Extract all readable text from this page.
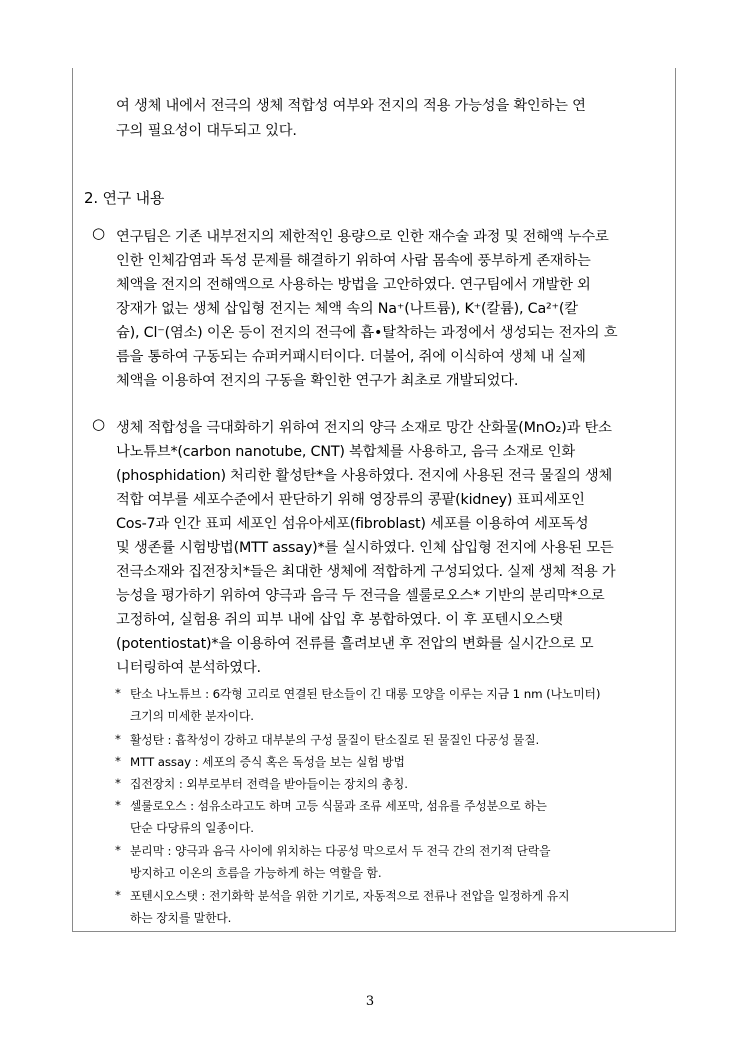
여 생체 내에서 전극의 생체 적합성 여부와 전지의 적용 가능성을 확인하는 연
구의 필요성이 대두되고 있다.
2. 연구 내용
○ 연구팀은 기존 내부전지의 제한적인 용량으로 인한 재수술 과정 및 전해액 누수로
인한 인체감염과 독성 문제를 해결하기 위하여 사람 몸속에 풍부하게 존재하는
체액을 전지의 전해액으로 사용하는 방법을 고안하였다. 연구팀에서 개발한 외
장재가 없는 생체 삽입형 전지는 체액 속의 Na⁺(나트륨), K⁺(칼륨), Ca²⁺(칼
슘), Cl⁻(염소) 이온 등이 전지의 전극에 흡•탈착하는 과정에서 생성되는 전자의 흐
름을 통하여 구동되는 슈퍼커패시터이다. 더불어, 쥐에 이식하여 생체 내 실제
체액을 이용하여 전지의 구동을 확인한 연구가 최초로 개발되었다.
○ 생체 적합성을 극대화하기 위하여 전지의 양극 소재로 망간 산화물(MnO₂)과 탄소
나노튜브*(carbon nanotube, CNT) 복합체를 사용하고, 음극 소재로 인화
(phosphidation) 처리한 활성탄*을 사용하였다. 전지에 사용된 전극 물질의 생체
적합 여부를 세포수준에서 판단하기 위해 영장류의 콩팥(kidney) 표피세포인
Cos-7과 인간 표피 세포인 섬유아세포(fibroblast) 세포를 이용하여 세포독성
및 생존률 시험방법(MTT assay)*를 실시하였다. 인체 삽입형 전지에 사용된 모든
전극소재와 집전장치*들은 최대한 생체에 적합하게 구성되었다. 실제 생체 적용 가
능성을 평가하기 위하여 양극과 음극 두 전극을 셀룰로오스* 기반의 분리막*으로
고정하여, 실험용 쥐의 피부 내에 삽입 후 봉합하였다. 이 후 포텐시오스탯
(potentiostat)*을 이용하여 전류를 흘려보낸 후 전압의 변화를 실시간으로 모
니터링하여 분석하였다.
* 탄소 나노튜브 : 6각형 고리로 연결된 탄소들이 긴 대롱 모양을 이루는 지금 1 nm (나노미터)
크기의 미세한 분자이다.
* 활성탄 : 흡착성이 강하고 대부분의 구성 물질이 탄소질로 된 물질인 다공성 물질.
* MTT assay : 세포의 증식 혹은 독성을 보는 실험 방법
* 집전장치 : 외부로부터 전력을 받아들이는 장치의 총칭.
* 셀룰로오스 : 섬유소라고도 하며 고등 식물과 조류 세포막, 섬유를 주성분으로 하는
단순 다당류의 일종이다.
* 분리막 : 양극과 음극 사이에 위치하는 다공성 막으로서 두 전극 간의 전기적 단락을
방지하고 이온의 흐름을 가능하게 하는 역할을 함.
* 포텐시오스탯 : 전기화학 분석을 위한 기기로, 자동적으로 전류나 전압을 일정하게 유지
하는 장치를 말한다.
3
